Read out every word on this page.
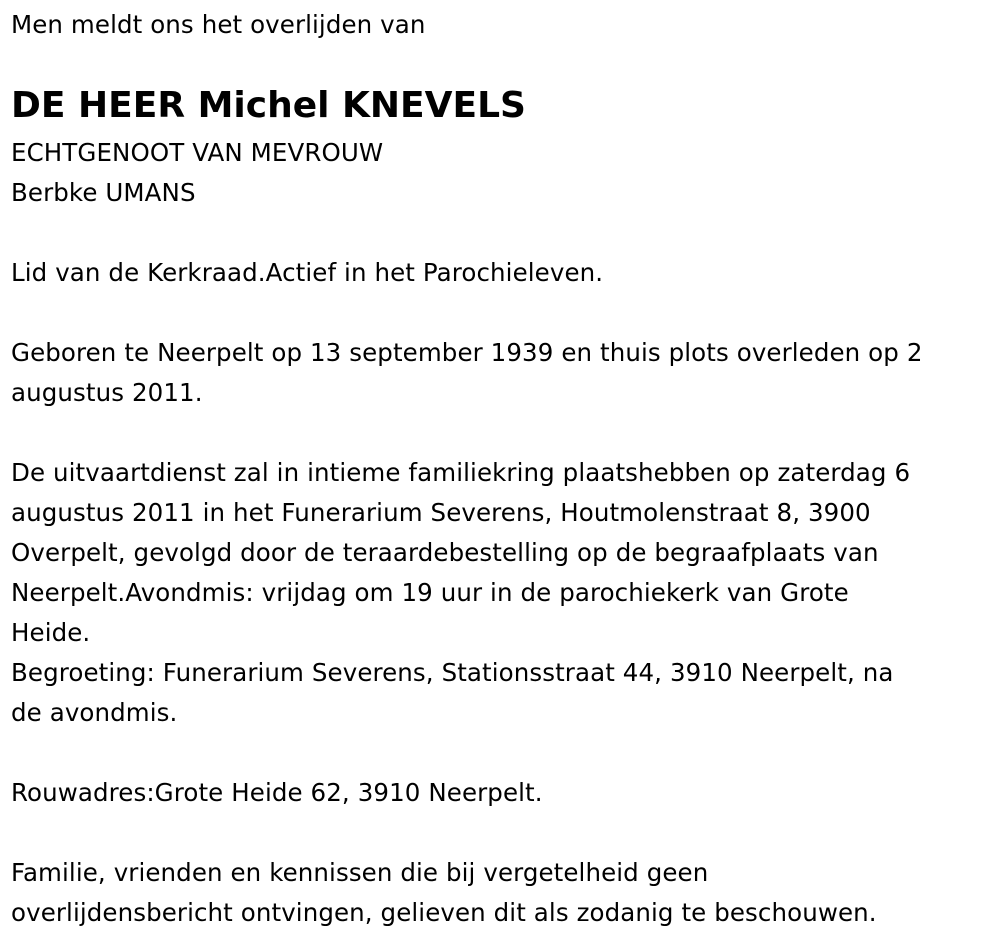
Men meldt ons het overlijden van
DE HEER Michel KNEVELS
ECHTGENOOT VAN MEVROUW
Berbke UMANS
Lid van de Kerkraad.Actief in het Parochieleven.
Geboren te Neerpelt op 13 september 1939 en thuis plots overleden op 2
augustus 2011.
De uitvaartdienst zal in intieme familiekring plaatshebben op zaterdag 6
augustus 2011 in het Funerarium Severens, Houtmolenstraat 8, 3900
Overpelt, gevolgd door de teraardebestelling op de begraafplaats van
Neerpelt.Avondmis: vrijdag om 19 uur in de parochiekerk van Grote
Heide.
Begroeting: Funerarium Severens, Stationsstraat 44, 3910 Neerpelt, na
de avondmis.
Rouwadres:Grote Heide 62, 3910 Neerpelt.
Familie, vrienden en kennissen die bij vergetelheid geen
overlijdensbericht ontvingen, gelieven dit als zodanig te beschouwen.
